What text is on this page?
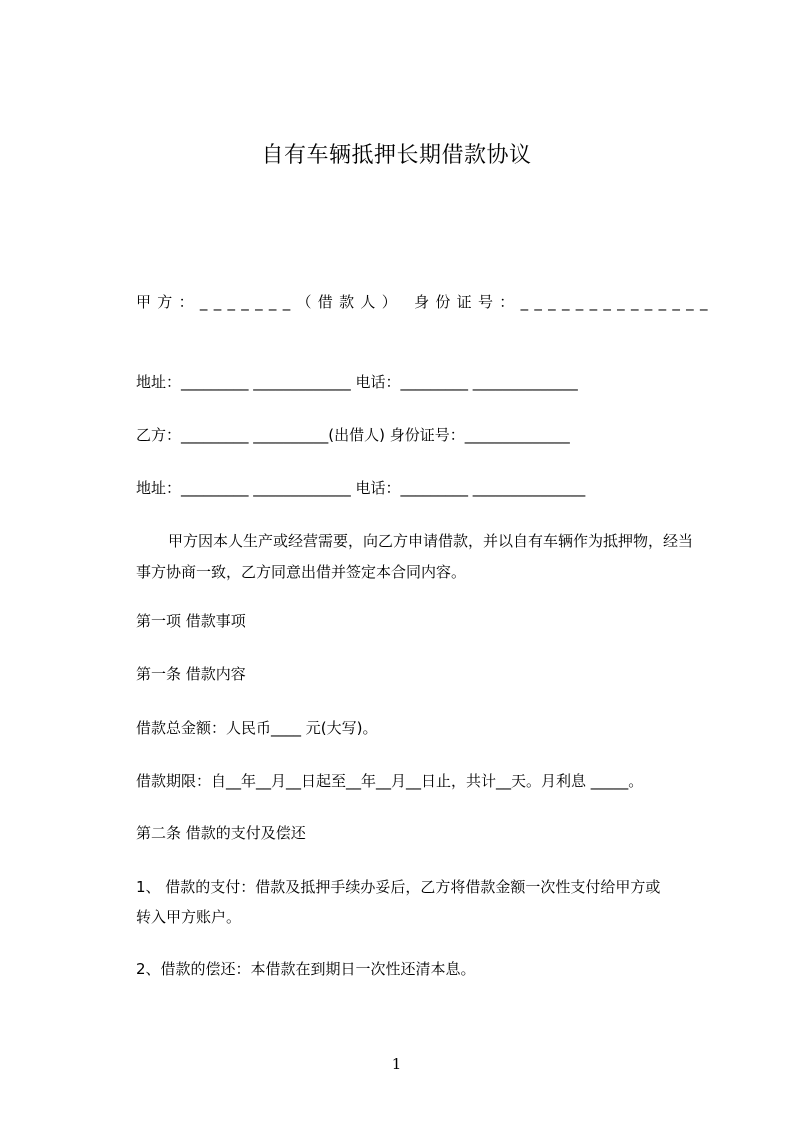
自有车辆抵押长期借款协议
甲方：_______（借款人） 身份证号：______________
地址：_________ _____________ 电话：_________ ______________
乙方：_________ __________(出借人) 身份证号：______________
地址：_________ _____________ 电话：_________ _______________
甲方因本人生产或经营需要，向乙方申请借款，并以自有车辆作为抵押物，经当
事方协商一致，乙方同意出借并签定本合同内容。
第一项 借款事项
第一条 借款内容
借款总金额：人民币____ 元(大写)。
借款期限：自__年__月__日起至__年__月__日止，共计__天。月利息 _____。
第二条 借款的支付及偿还
1、 借款的支付：借款及抵押手续办妥后，乙方将借款金额一次性支付给甲方或
转入甲方账户。
2、借款的偿还：本借款在到期日一次性还清本息。
1
